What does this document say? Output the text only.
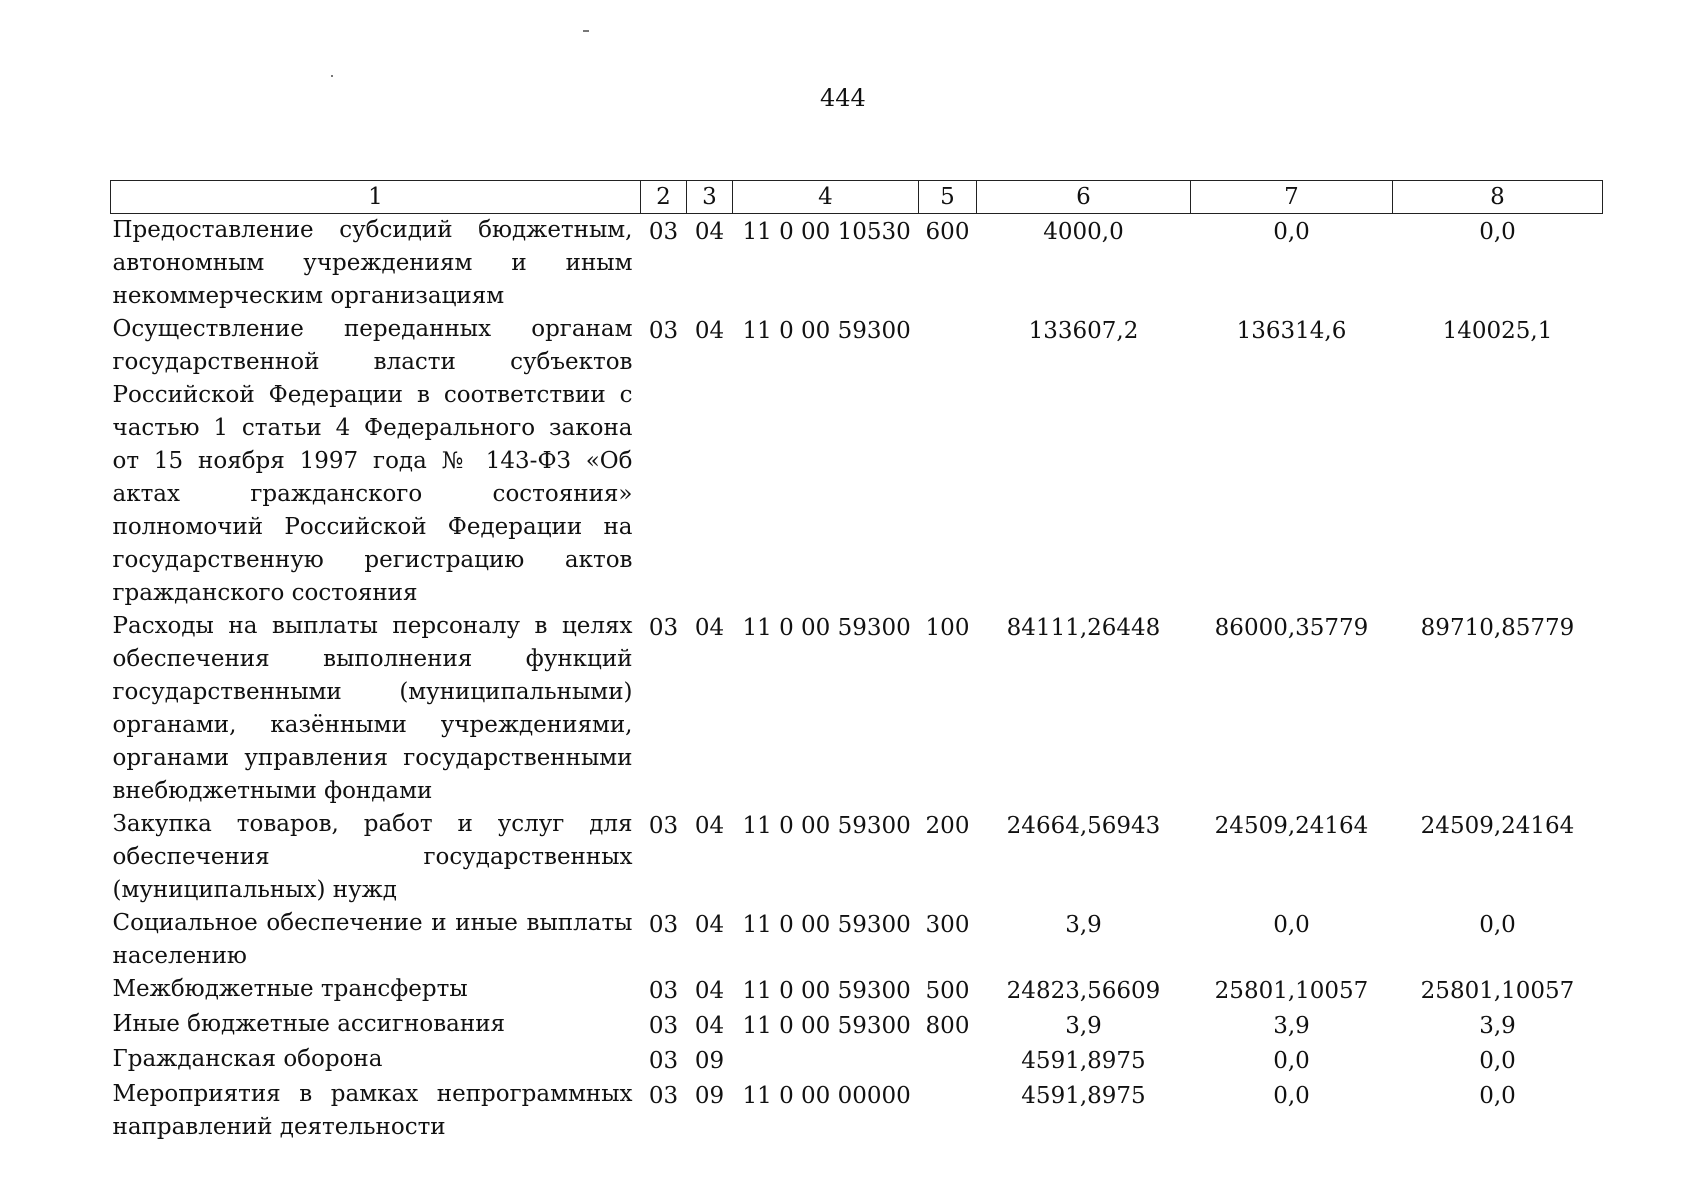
444
1	2	3	4	5	6	7	8
Предоставление субсидий бюджетным, автономным учреждениям и иным некоммерческим организациям	03	04	11 0 00 10530	600	4000,0	0,0	0,0
Осуществление переданных органам государственной власти субъектов Российской Федерации в соответствии с частью 1 статьи 4 Федерального закона от 15 ноября 1997 года № 143-ФЗ «Об актах гражданского состояния» полномочий Российской Федерации на государственную регистрацию актов гражданского состояния	03	04	11 0 00 59300		133607,2	136314,6	140025,1
Расходы на выплаты персоналу в целях обеспечения выполнения функций государственными (муниципальными) органами, казёнными учреждениями, органами управления государственными внебюджетными фондами	03	04	11 0 00 59300	100	84111,26448	86000,35779	89710,85779
Закупка товаров, работ и услуг для обеспечения государственных (муниципальных) нужд	03	04	11 0 00 59300	200	24664,56943	24509,24164	24509,24164
Социальное обеспечение и иные выплаты населению	03	04	11 0 00 59300	300	3,9	0,0	0,0
Межбюджетные трансферты	03	04	11 0 00 59300	500	24823,56609	25801,10057	25801,10057
Иные бюджетные ассигнования	03	04	11 0 00 59300	800	3,9	3,9	3,9
Гражданская оборона	03	09			4591,8975	0,0	0,0
Мероприятия в рамках непрограммных направлений деятельности	03	09	11 0 00 00000		4591,8975	0,0	0,0
